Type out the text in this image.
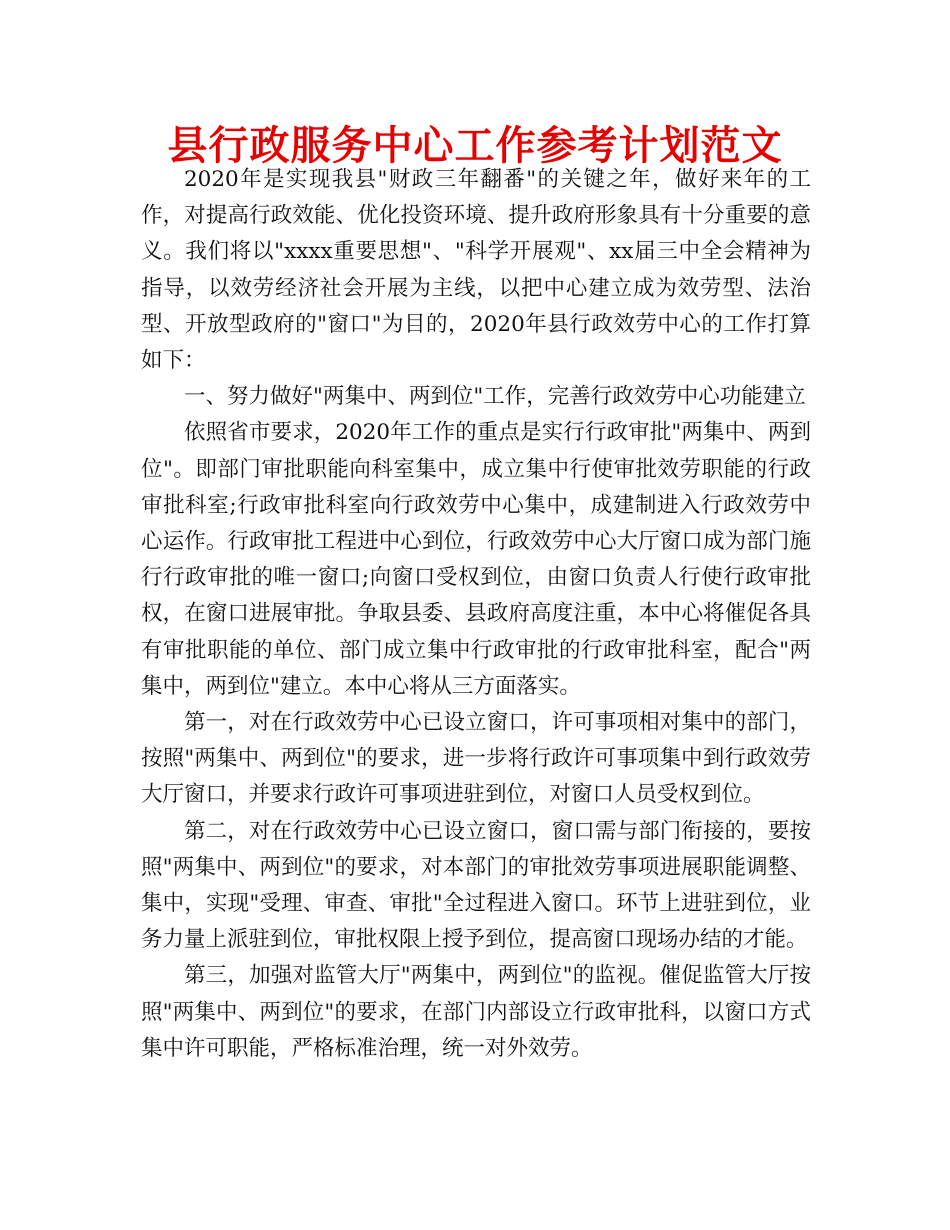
县行政服务中心工作参考计划范文

2020年是实现我县"财政三年翻番"的关键之年，做好来年的工作，对提高行政效能、优化投资环境、提升政府形象具有十分重要的意义。我们将以"xxxx重要思想"、"科学开展观"、xx届三中全会精神为指导，以效劳经济社会开展为主线，以把中心建立成为效劳型、法治型、开放型政府的"窗口"为目的，2020年县行政效劳中心的工作打算如下：

一、努力做好"两集中、两到位"工作，完善行政效劳中心功能建立

依照省市要求，2020年工作的重点是实行行政审批"两集中、两到位"。即部门审批职能向科室集中，成立集中行使审批效劳职能的行政审批科室;行政审批科室向行政效劳中心集中，成建制进入行政效劳中心运作。行政审批工程进中心到位，行政效劳中心大厅窗口成为部门施行行政审批的唯一窗口;向窗口受权到位，由窗口负责人行使行政审批权，在窗口进展审批。争取县委、县政府高度注重，本中心将催促各具有审批职能的单位、部门成立集中行政审批的行政审批科室，配合"两集中，两到位"建立。本中心将从三方面落实。

第一，对在行政效劳中心已设立窗口，许可事项相对集中的部门，按照"两集中、两到位"的要求，进一步将行政许可事项集中到行政效劳大厅窗口，并要求行政许可事项进驻到位，对窗口人员受权到位。

第二，对在行政效劳中心已设立窗口，窗口需与部门衔接的，要按照"两集中、两到位"的要求，对本部门的审批效劳事项进展职能调整、集中，实现"受理、审查、审批"全过程进入窗口。环节上进驻到位，业务力量上派驻到位，审批权限上授予到位，提高窗口现场办结的才能。

第三，加强对监管大厅"两集中，两到位"的监视。催促监管大厅按照"两集中、两到位"的要求，在部门内部设立行政审批科，以窗口方式集中许可职能，严格标准治理，统一对外效劳。
